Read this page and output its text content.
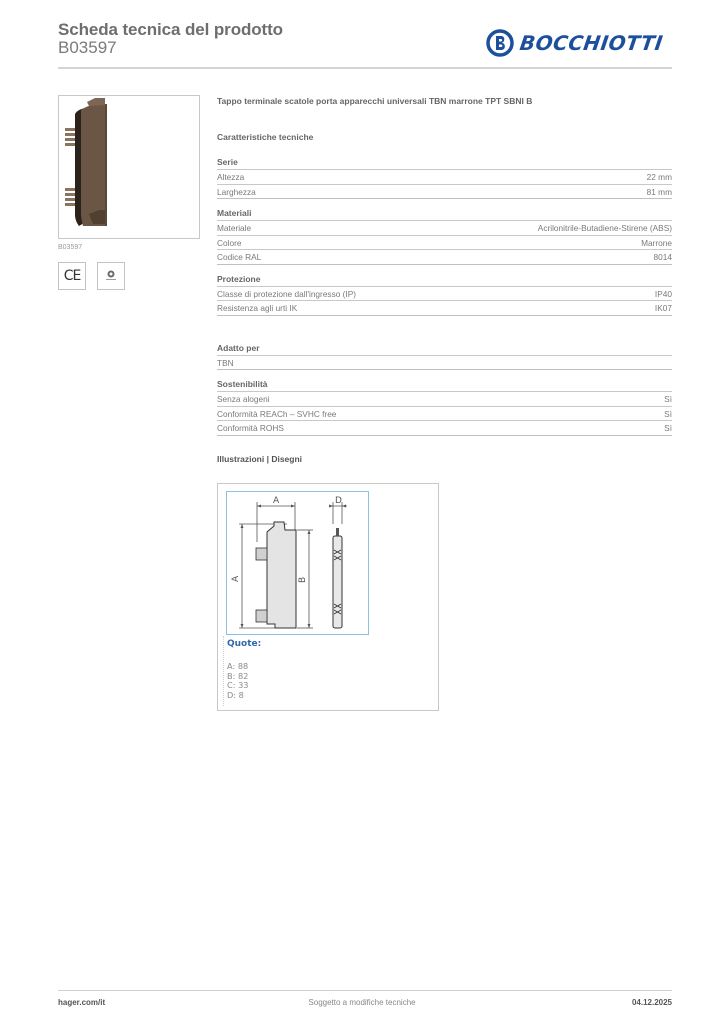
Scheda tecnica del prodotto
B03597	BOCCHIOTTI
B03597
CE
Tappo terminale scatole porta apparecchi universali TBN marrone TPT SBNI B
Caratteristiche tecniche
Serie
Altezza	22 mm
Larghezza	81 mm
Materiali
Materiale	Acrilonitrile-Butadiene-Stirene (ABS)
Colore	Marrone
Codice RAL	8014
Protezione
Classe di protezione dall'ingresso (IP)	IP40
Resistenza agli urti IK	IK07
Adatto per
TBN
Sostenibilità
Senza alogeni	Sì
Conformità REACh – SVHC free	Sì
Conformità ROHS	Sì
Illustrazioni | Disegni
A	D
A	B
Quote:
A: 88
B: 82
C: 33
D: 8
hager.com/it	Soggetto a modifiche tecniche	04.12.2025
